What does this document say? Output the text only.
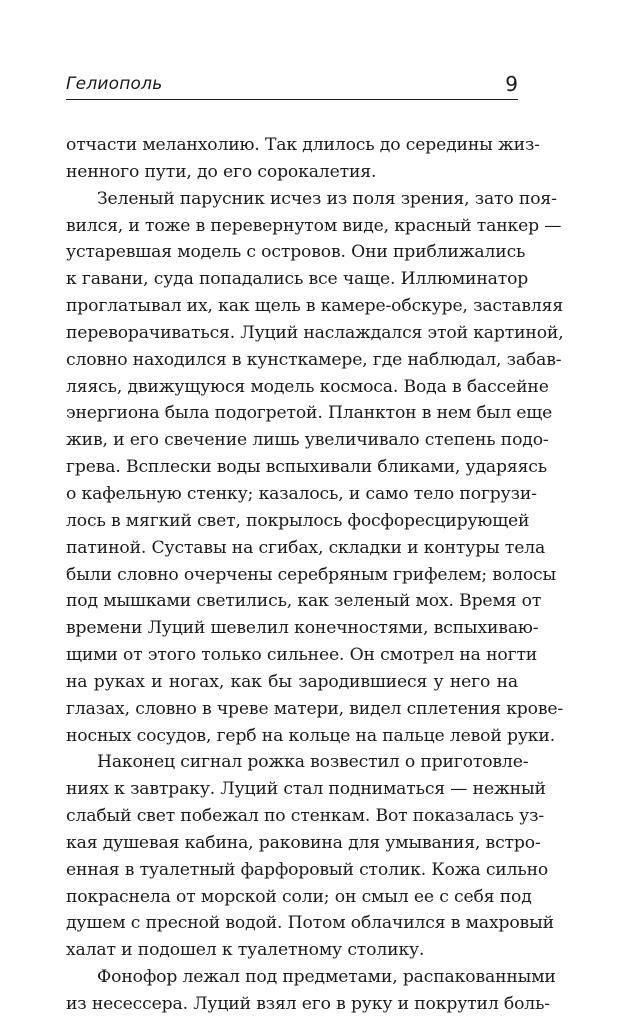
Гелиополь	9
отчасти меланхолию. Так длилось до середины жиз-
ненного пути, до его сорокалетия.
Зеленый парусник исчез из поля зрения, зато поя-
вился, и тоже в перевернутом виде, красный танкер —
устаревшая модель с островов. Они приближались
к гавани, суда попадались все чаще. Иллюминатор
проглатывал их, как щель в камере-обскуре, заставляя
переворачиваться. Луций наслаждался этой картиной,
словно находился в кунсткамере, где наблюдал, забав-
ляясь, движущуюся модель космоса. Вода в бассейне
энергиона была подогретой. Планктон в нем был еще
жив, и его свечение лишь увеличивало степень подо-
грева. Всплески воды вспыхивали бликами, ударяясь
о кафельную стенку; казалось, и само тело погрузи-
лось в мягкий свет, покрылось фосфоресцирующей
патиной. Суставы на сгибах, складки и контуры тела
были словно очерчены серебряным грифелем; волосы
под мышками светились, как зеленый мох. Время от
времени Луций шевелил конечностями, вспыхиваю-
щими от этого только сильнее. Он смотрел на ногти
на руках и ногах, как бы зародившиеся у него на
глазах, словно в чреве матери, видел сплетения крове-
носных сосудов, герб на кольце на пальце левой руки.
Наконец сигнал рожка возвестил о приготовле-
ниях к завтраку. Луций стал подниматься — нежный
слабый свет побежал по стенкам. Вот показалась уз-
кая душевая кабина, раковина для умывания, встро-
енная в туалетный фарфоровый столик. Кожа сильно
покраснела от морской соли; он смыл ее с себя под
душем с пресной водой. Потом облачился в махровый
халат и подошел к туалетному столику.
Фонофор лежал под предметами, распакованными
из несессера. Луций взял его в руку и покрутил боль-
